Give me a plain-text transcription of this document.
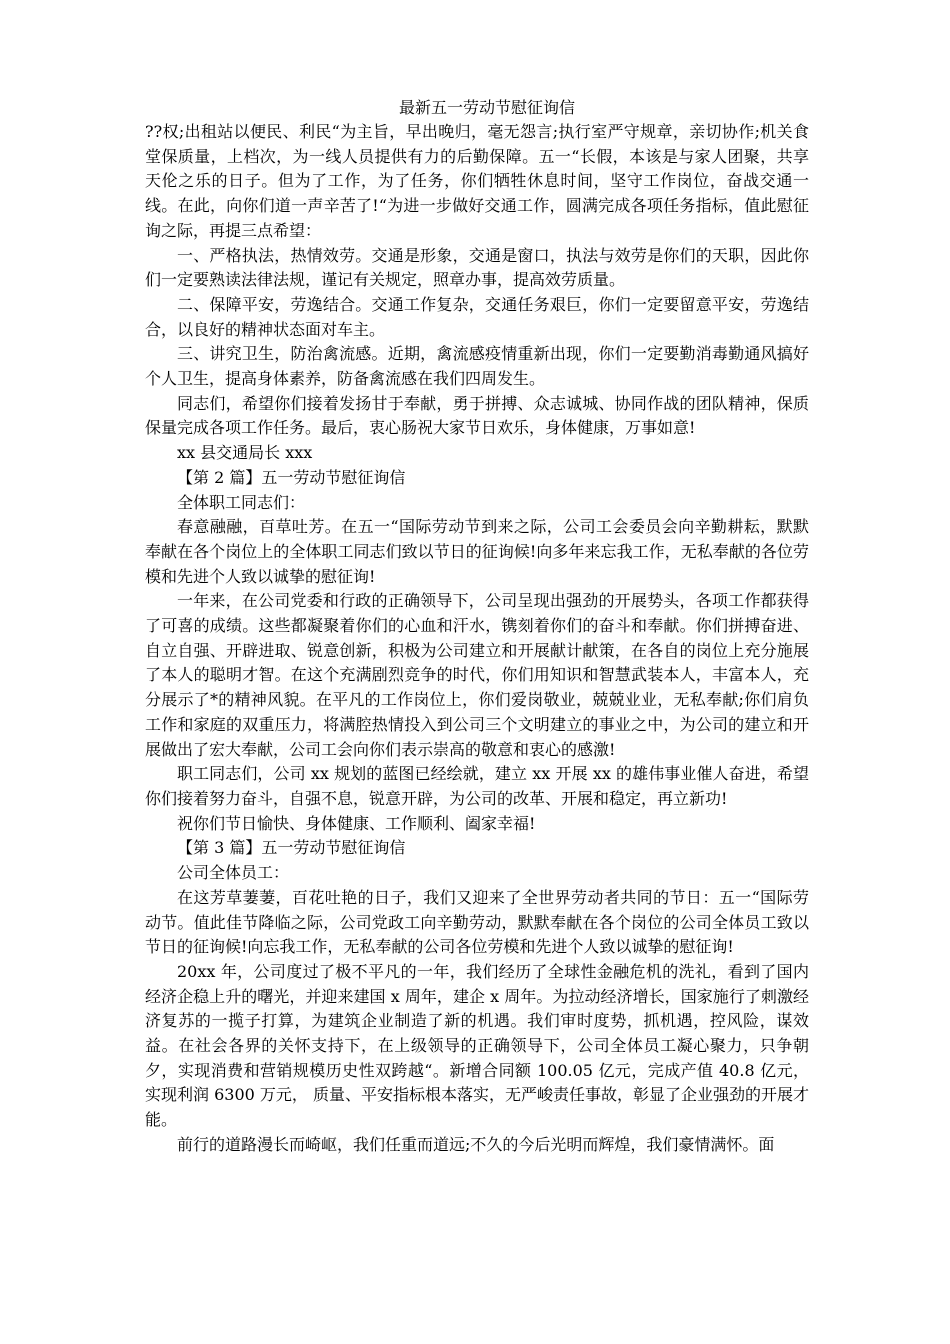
最新五一劳动节慰征询信

??权;出租站以便民、利民“为主旨，早出晚归，毫无怨言;执行室严守规章，亲切协作;机关食堂保质量，上档次，为一线人员提供有力的后勤保障。五一“长假，本该是与家人团聚，共享天伦之乐的日子。但为了工作，为了任务，你们牺牲休息时间，坚守工作岗位，奋战交通一线。在此，向你们道一声辛苦了!“为进一步做好交通工作，圆满完成各项任务指标，值此慰征询之际，再提三点希望：

一、严格执法，热情效劳。交通是形象，交通是窗口，执法与效劳是你们的天职，因此你们一定要熟读法律法规，谨记有关规定，照章办事，提高效劳质量。

二、保障平安，劳逸结合。交通工作复杂，交通任务艰巨，你们一定要留意平安，劳逸结合，以良好的精神状态面对车主。

三、讲究卫生，防治禽流感。近期，禽流感疫情重新出现，你们一定要勤消毒勤通风搞好个人卫生，提高身体素养，防备禽流感在我们四周发生。

同志们，希望你们接着发扬甘于奉献，勇于拼搏、众志诚城、协同作战的团队精神，保质保量完成各项工作任务。最后，衷心肠祝大家节日欢乐，身体健康，万事如意!

xx 县交通局长 xxx

【第 2 篇】五一劳动节慰征询信

全体职工同志们：

春意融融，百草吐芳。在五一“国际劳动节到来之际，公司工会委员会向辛勤耕耘，默默奉献在各个岗位上的全体职工同志们致以节日的征询候!向多年来忘我工作，无私奉献的各位劳模和先进个人致以诚挚的慰征询!

一年来，在公司党委和行政的正确领导下，公司呈现出强劲的开展势头，各项工作都获得了可喜的成绩。这些都凝聚着你们的心血和汗水，镌刻着你们的奋斗和奉献。你们拼搏奋进、自立自强、开辟进取、锐意创新，积极为公司建立和开展献计献策，在各自的岗位上充分施展了本人的聪明才智。在这个充满剧烈竞争的时代，你们用知识和智慧武装本人，丰富本人，充分展示了*的精神风貌。在平凡的工作岗位上，你们爱岗敬业，兢兢业业，无私奉献;你们肩负工作和家庭的双重压力，将满腔热情投入到公司三个文明建立的事业之中，为公司的建立和开展做出了宏大奉献，公司工会向你们表示崇高的敬意和衷心的感激!

职工同志们，公司 xx 规划的蓝图已经绘就，建立 xx 开展 xx 的雄伟事业催人奋进，希望你们接着努力奋斗，自强不息，锐意开辟，为公司的改革、开展和稳定，再立新功!

祝你们节日愉快、身体健康、工作顺利、阖家幸福!

【第 3 篇】五一劳动节慰征询信

公司全体员工：

在这芳草萋萋，百花吐艳的日子，我们又迎来了全世界劳动者共同的节日：五一“国际劳动节。值此佳节降临之际，公司党政工向辛勤劳动，默默奉献在各个岗位的公司全体员工致以节日的征询候!向忘我工作，无私奉献的公司各位劳模和先进个人致以诚挚的慰征询!

20xx 年，公司度过了极不平凡的一年，我们经历了全球性金融危机的洗礼，看到了国内经济企稳上升的曙光，并迎来建国 x 周年，建企 x 周年。为拉动经济增长，国家施行了刺激经济复苏的一揽子打算，为建筑企业制造了新的机遇。我们审时度势，抓机遇，控风险，谋效益。在社会各界的关怀支持下，在上级领导的正确领导下，公司全体员工凝心聚力，只争朝夕，实现消费和营销规模历史性双跨越“。新增合同额 100.05 亿元，完成产值 40.8 亿元，实现利润 6300 万元， 质量、平安指标根本落实，无严峻责任事故，彰显了企业强劲的开展才能。

前行的道路漫长而崎岖，我们任重而道远;不久的今后光明而辉煌，我们豪情满怀。面
